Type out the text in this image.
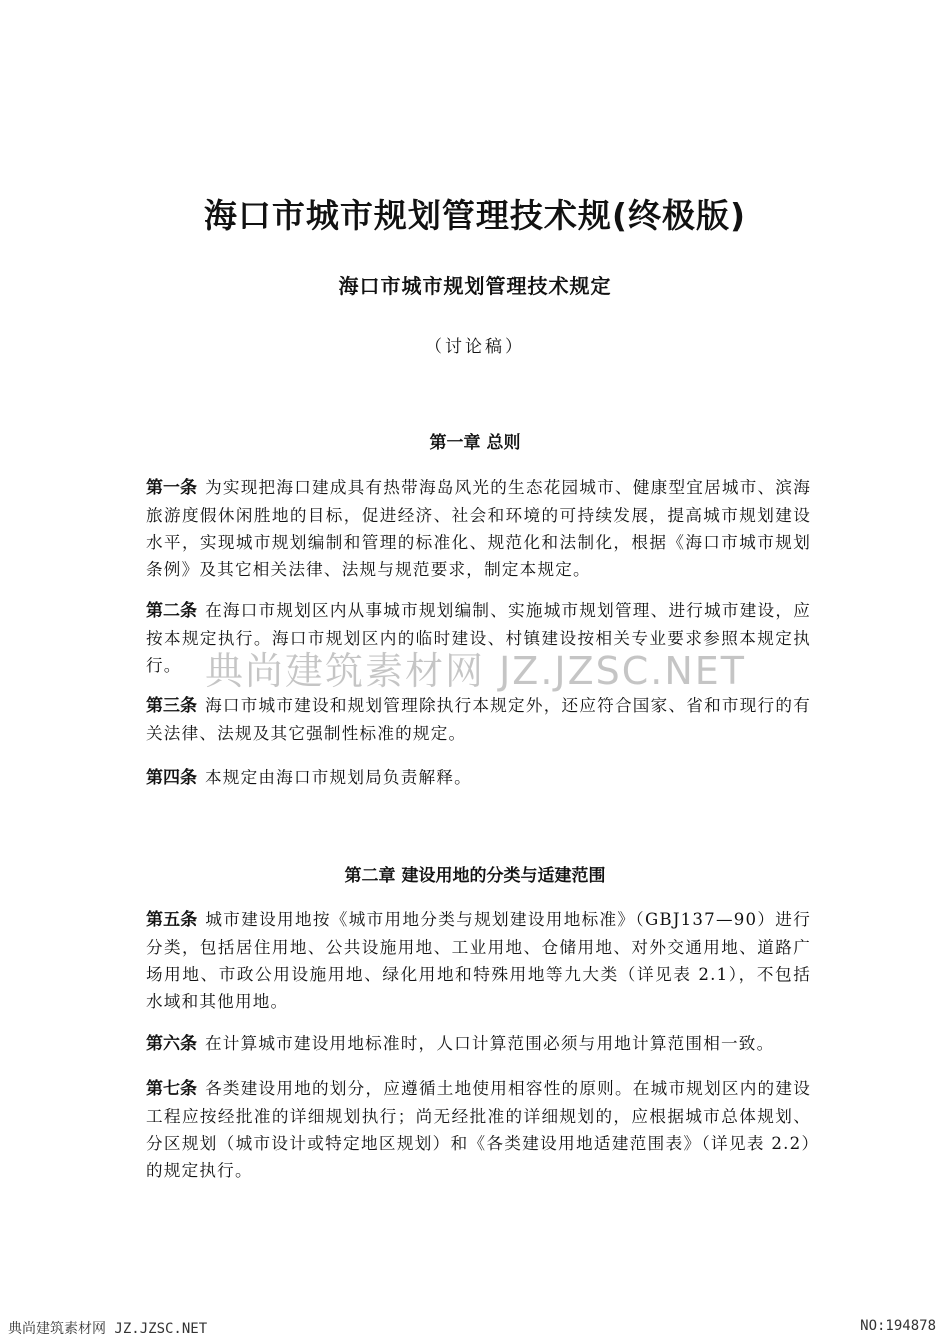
海口市城市规划管理技术规(终极版)
海口市城市规划管理技术规定
（讨论稿）
第一章 总则
第一条 为实现把海口建成具有热带海岛风光的生态花园城市、健康型宜居城市、滨海旅游度假休闲胜地的目标，促进经济、社会和环境的可持续发展，提高城市规划建设水平，实现城市规划编制和管理的标准化、规范化和法制化，根据《海口市城市规划条例》及其它相关法律、法规与规范要求，制定本规定。
第二条 在海口市规划区内从事城市规划编制、实施城市规划管理、进行城市建设，应按本规定执行。海口市规划区内的临时建设、村镇建设按相关专业要求参照本规定执行。
第三条 海口市城市建设和规划管理除执行本规定外，还应符合国家、省和市现行的有关法律、法规及其它强制性标准的规定。
第四条 本规定由海口市规划局负责解释。
第二章 建设用地的分类与适建范围
第五条 城市建设用地按《城市用地分类与规划建设用地标准》（GBJ137—90）进行分类，包括居住用地、公共设施用地、工业用地、仓储用地、对外交通用地、道路广场用地、市政公用设施用地、绿化用地和特殊用地等九大类（详见表 2.1），不包括水域和其他用地。
第六条 在计算城市建设用地标准时，人口计算范围必须与用地计算范围相一致。
第七条 各类建设用地的划分，应遵循土地使用相容性的原则。在城市规划区内的建设工程应按经批准的详细规划执行；尚无经批准的详细规划的，应根据城市总体规划、分区规划（城市设计或特定地区规划）和《各类建设用地适建范围表》（详见表 2.2）的规定执行。
典尚建筑素材网 JZ.JZSC.NET
典尚建筑素材网 JZ.JZSC.NET	NO:194878
